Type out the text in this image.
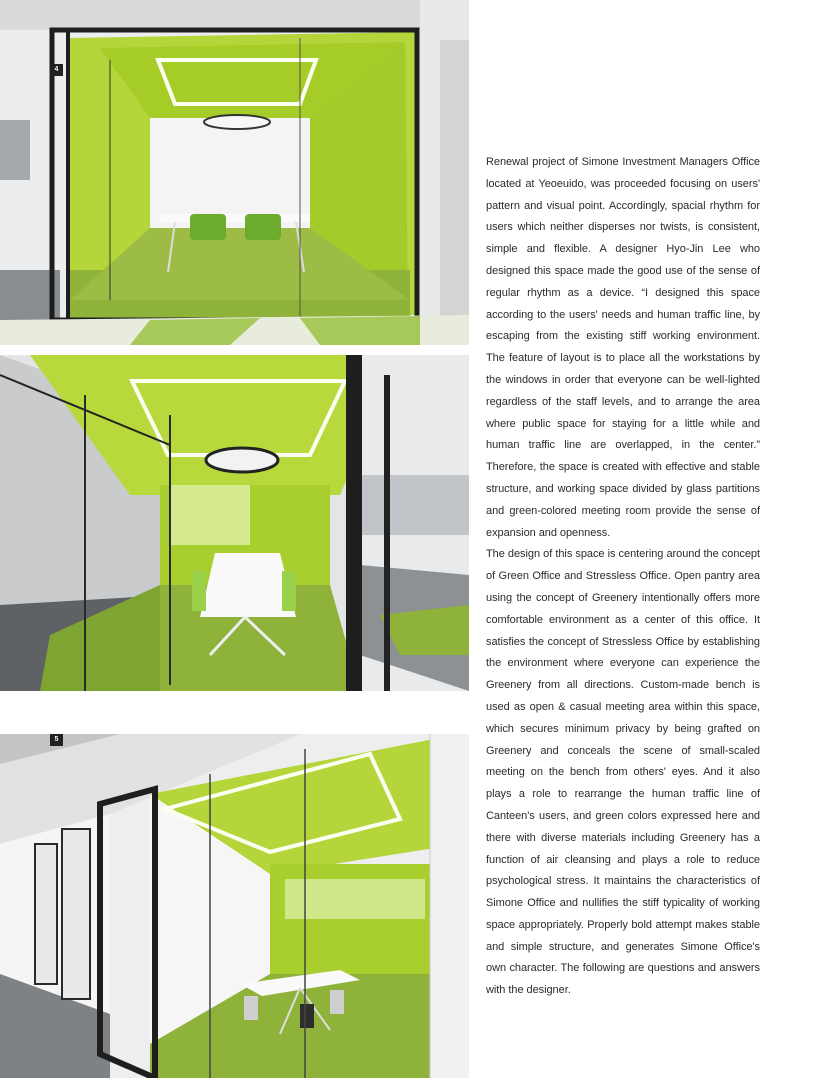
4
5

Renewal project of Simone Investment Managers Office located at Yeoeuido, was proceeded focusing on users' pattern and visual point. Accordingly, spacial rhythm for users which neither disperses nor twists, is consistent, simple and flexible. A designer Hyo-Jin Lee who designed this space made the good use of the sense of regular rhythm as a device. “I designed this space according to the users' needs and human traffic line, by escaping from the existing stiff working environment. The feature of layout is to place all the workstations by the windows in order that everyone can be well-lighted regardless of the staff levels, and to arrange the area where public space for staying for a little while and human traffic line are overlapped, in the center.” Therefore, the space is created with effective and stable structure, and working space divided by glass partitions and green-colored meeting room provide the sense of expansion and openness.

The design of this space is centering around the concept of Green Office and Stressless Office. Open pantry area using the concept of Greenery intentionally offers more comfortable environment as a center of this office. It satisfies the concept of Stressless Office by establishing the environment where everyone can experience the Greenery from all directions. Custom-made bench is used as open & casual meeting area within this space, which secures minimum privacy by being grafted on Greenery and conceals the scene of small-scaled meeting on the bench from others' eyes. And it also plays a role to rearrange the human traffic line of Canteen's users, and green colors expressed here and there with diverse materials including Greenery has a function of air cleansing and plays a role to reduce psychological stress. It maintains the characteristics of Simone Office and nullifies the stiff typicality of working space appropriately. Properly bold attempt makes stable and simple structure, and generates Simone Office's own character. The following are questions and answers with the designer.
